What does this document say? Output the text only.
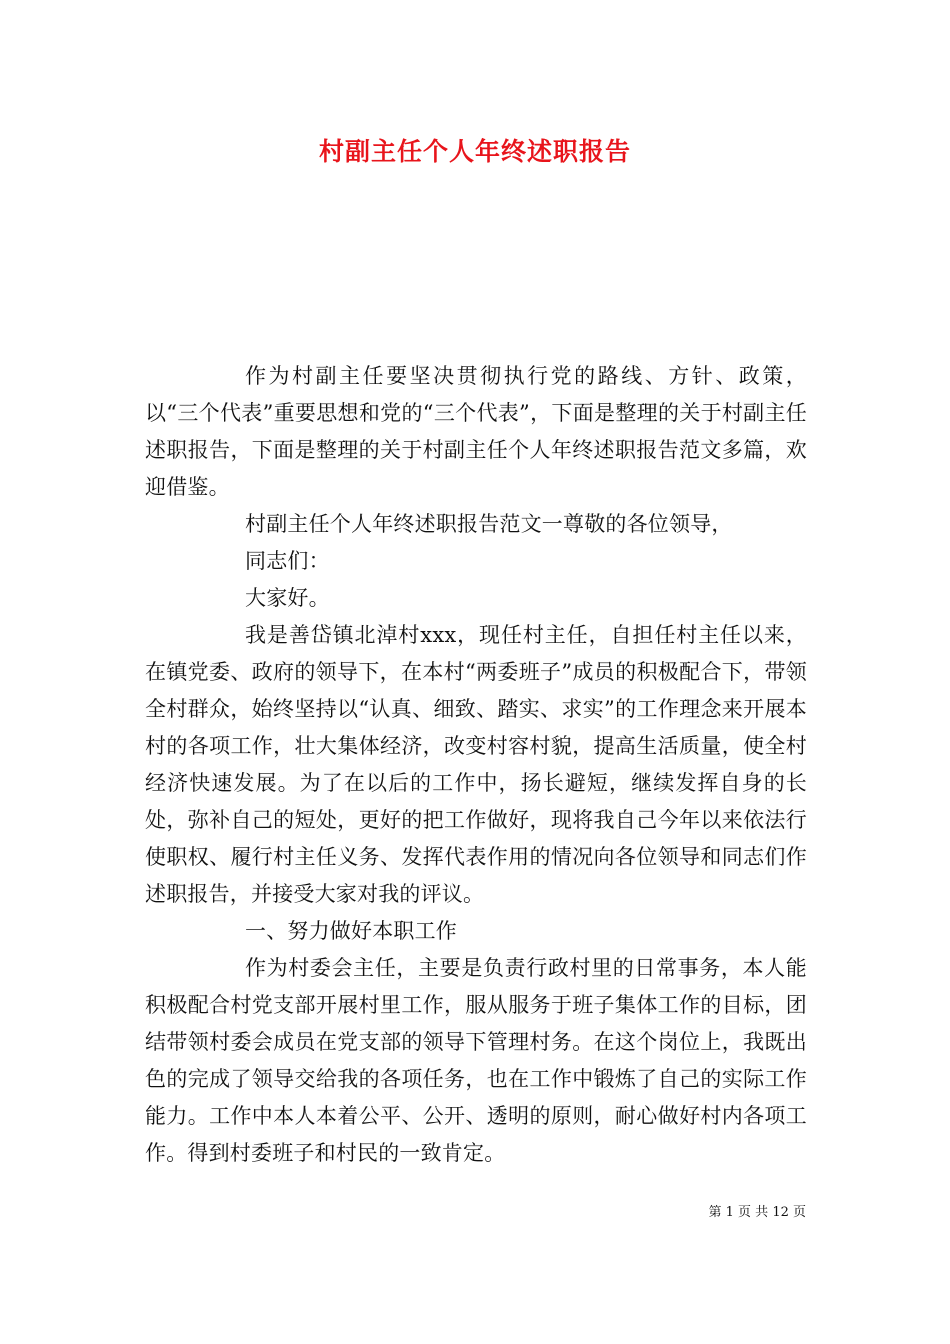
村副主任个人年终述职报告

作为村副主任要坚决贯彻执行党的路线、方针、政策，以“三个代表”重要思想和党的“三个代表”，下面是整理的关于村副主任述职报告，下面是整理的关于村副主任个人年终述职报告范文多篇，欢迎借鉴。

村副主任个人年终述职报告范文一尊敬的各位领导，

同志们：

大家好。

我是善岱镇北淖村xxx，现任村主任，自担任村主任以来，在镇党委、政府的领导下，在本村“两委班子”成员的积极配合下，带领全村群众，始终坚持以“认真、细致、踏实、求实”的工作理念来开展本村的各项工作，壮大集体经济，改变村容村貌，提高生活质量，使全村经济快速发展。为了在以后的工作中，扬长避短，继续发挥自身的长处，弥补自己的短处，更好的把工作做好，现将我自己今年以来依法行使职权、履行村主任义务、发挥代表作用的情况向各位领导和同志们作述职报告，并接受大家对我的评议。

一、努力做好本职工作

作为村委会主任，主要是负责行政村里的日常事务，本人能积极配合村党支部开展村里工作，服从服务于班子集体工作的目标，团结带领村委会成员在党支部的领导下管理村务。在这个岗位上，我既出色的完成了领导交给我的各项任务，也在工作中锻炼了自己的实际工作能力。工作中本人本着公平、公开、透明的原则，耐心做好村内各项工作。得到村委班子和村民的一致肯定。

第 1 页 共 12 页
